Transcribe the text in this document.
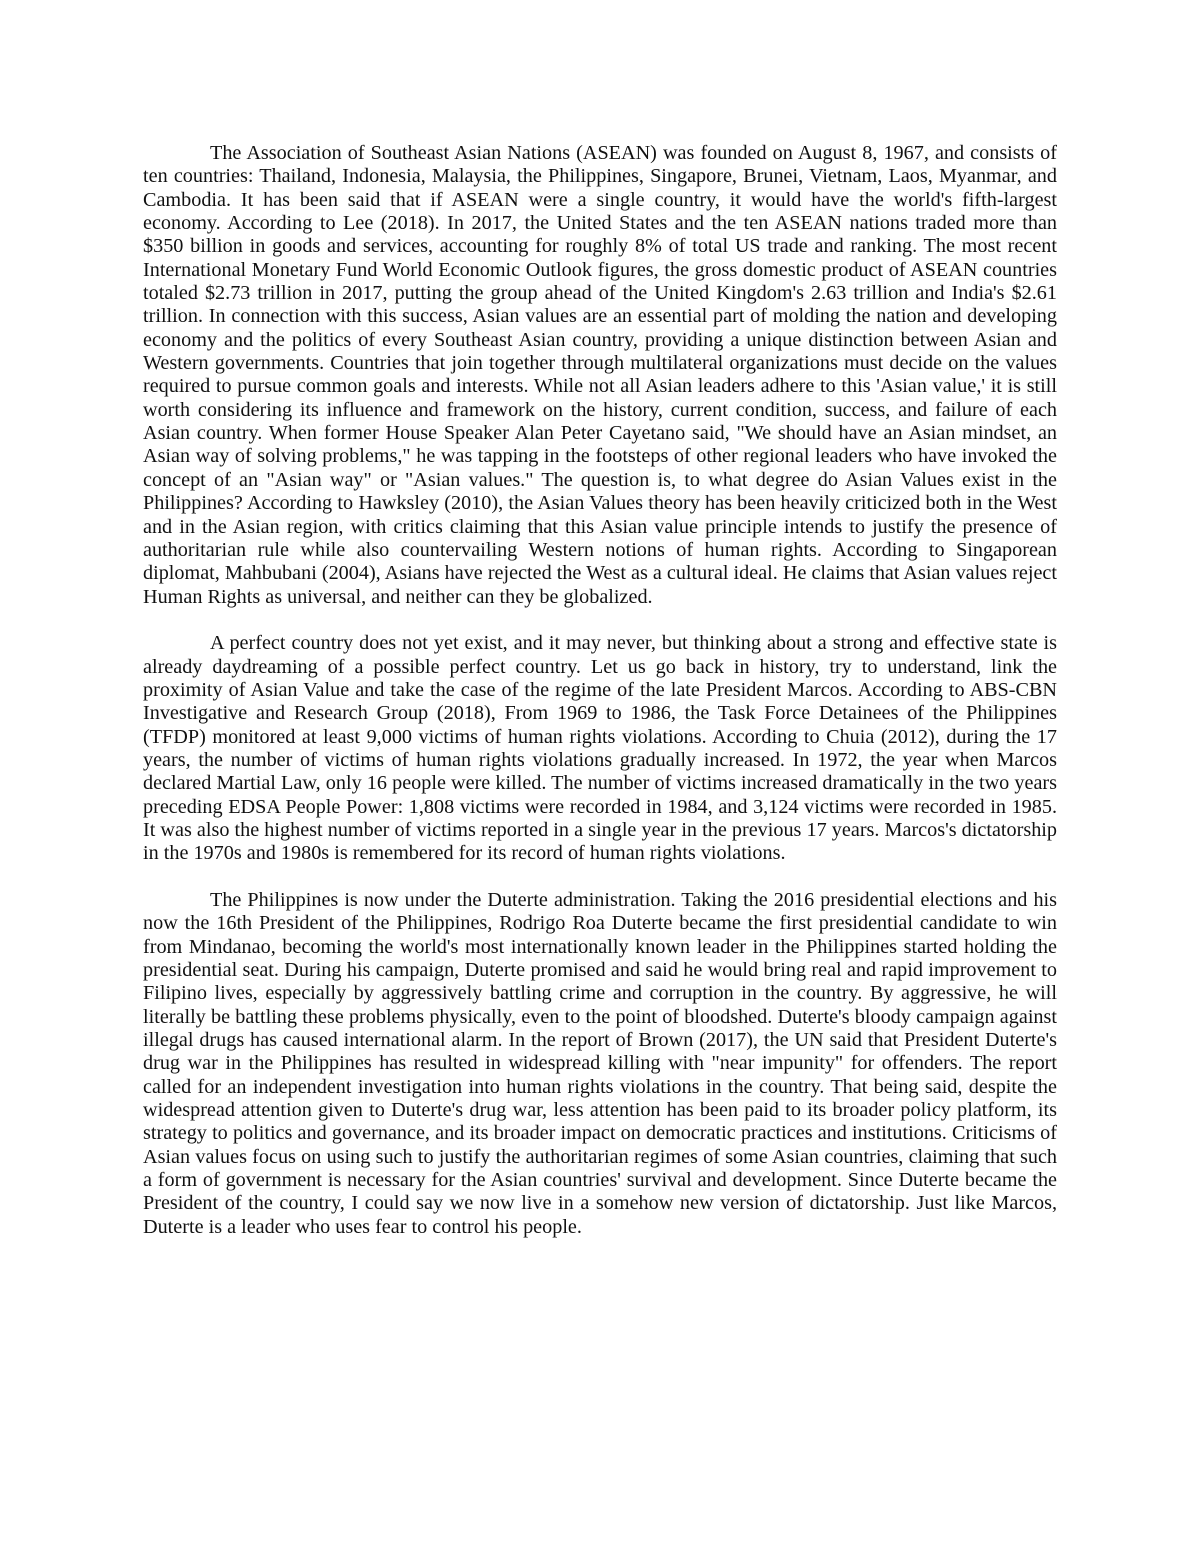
The Association of Southeast Asian Nations (ASEAN) was founded on August 8, 1967, and consists of ten countries: Thailand, Indonesia, Malaysia, the Philippines, Singapore, Brunei, Vietnam, Laos, Myanmar, and Cambodia. It has been said that if ASEAN were a single country, it would have the world's fifth-largest economy. According to Lee (2018). In 2017, the United States and the ten ASEAN nations traded more than $350 billion in goods and services, accounting for roughly 8% of total US trade and ranking. The most recent International Monetary Fund World Economic Outlook figures, the gross domestic product of ASEAN countries totaled $2.73 trillion in 2017, putting the group ahead of the United Kingdom's 2.63 trillion and India's $2.61 trillion. In connection with this success, Asian values are an essential part of molding the nation and developing economy and the politics of every Southeast Asian country, providing a unique distinction between Asian and Western governments. Countries that join together through multilateral organizations must decide on the values required to pursue common goals and interests. While not all Asian leaders adhere to this 'Asian value,' it is still worth considering its influence and framework on the history, current condition, success, and failure of each Asian country. When former House Speaker Alan Peter Cayetano said, "We should have an Asian mindset, an Asian way of solving problems," he was tapping in the footsteps of other regional leaders who have invoked the concept of an "Asian way" or "Asian values." The question is, to what degree do Asian Values exist in the Philippines? According to Hawksley (2010), the Asian Values theory has been heavily criticized both in the West and in the Asian region, with critics claiming that this Asian value principle intends to justify the presence of authoritarian rule while also countervailing Western notions of human rights. According to Singaporean diplomat, Mahbubani (2004), Asians have rejected the West as a cultural ideal. He claims that Asian values reject Human Rights as universal, and neither can they be globalized.

A perfect country does not yet exist, and it may never, but thinking about a strong and effective state is already daydreaming of a possible perfect country. Let us go back in history, try to understand, link the proximity of Asian Value and take the case of the regime of the late President Marcos. According to ABS-CBN Investigative and Research Group (2018), From 1969 to 1986, the Task Force Detainees of the Philippines (TFDP) monitored at least 9,000 victims of human rights violations. According to Chuia (2012), during the 17 years, the number of victims of human rights violations gradually increased. In 1972, the year when Marcos declared Martial Law, only 16 people were killed. The number of victims increased dramatically in the two years preceding EDSA People Power: 1,808 victims were recorded in 1984, and 3,124 victims were recorded in 1985. It was also the highest number of victims reported in a single year in the previous 17 years. Marcos's dictatorship in the 1970s and 1980s is remembered for its record of human rights violations.

The Philippines is now under the Duterte administration. Taking the 2016 presidential elections and his now the 16th President of the Philippines, Rodrigo Roa Duterte became the first presidential candidate to win from Mindanao, becoming the world's most internationally known leader in the Philippines started holding the presidential seat. During his campaign, Duterte promised and said he would bring real and rapid improvement to Filipino lives, especially by aggressively battling crime and corruption in the country. By aggressive, he will literally be battling these problems physically, even to the point of bloodshed. Duterte's bloody campaign against illegal drugs has caused international alarm. In the report of Brown (2017), the UN said that President Duterte's drug war in the Philippines has resulted in widespread killing with "near impunity" for offenders. The report called for an independent investigation into human rights violations in the country. That being said, despite the widespread attention given to Duterte's drug war, less attention has been paid to its broader policy platform, its strategy to politics and governance, and its broader impact on democratic practices and institutions. Criticisms of Asian values focus on using such to justify the authoritarian regimes of some Asian countries, claiming that such a form of government is necessary for the Asian countries' survival and development. Since Duterte became the President of the country, I could say we now live in a somehow new version of dictatorship. Just like Marcos, Duterte is a leader who uses fear to control his people.
